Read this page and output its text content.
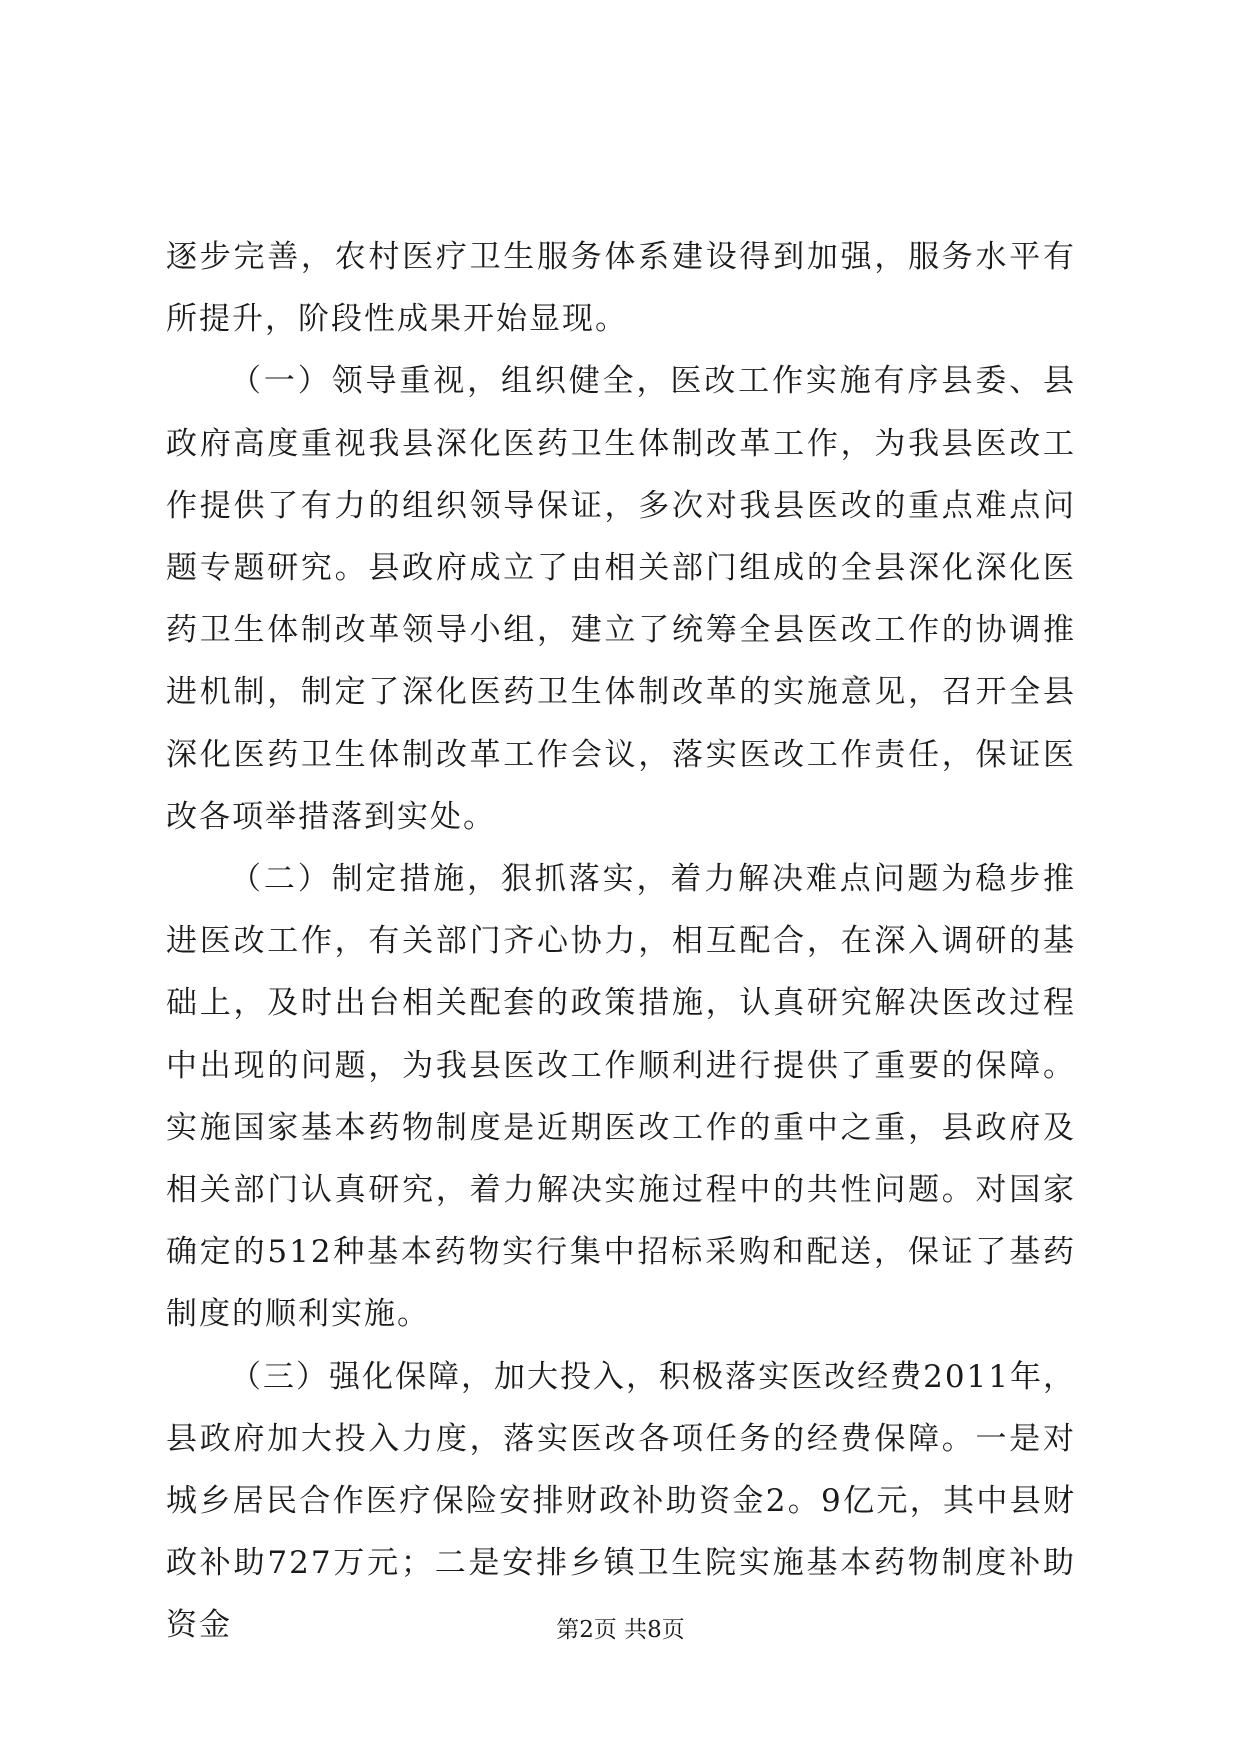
逐步完善，农村医疗卫生服务体系建设得到加强，服务水平有所提升，阶段性成果开始显现。

（一）领导重视，组织健全，医改工作实施有序县委、县政府高度重视我县深化医药卫生体制改革工作，为我县医改工作提供了有力的组织领导保证，多次对我县医改的重点难点问题专题研究。县政府成立了由相关部门组成的全县深化深化医药卫生体制改革领导小组，建立了统筹全县医改工作的协调推进机制，制定了深化医药卫生体制改革的实施意见，召开全县深化医药卫生体制改革工作会议，落实医改工作责任，保证医改各项举措落到实处。

（二）制定措施，狠抓落实，着力解决难点问题为稳步推进医改工作，有关部门齐心协力，相互配合，在深入调研的基础上，及时出台相关配套的政策措施，认真研究解决医改过程中出现的问题，为我县医改工作顺利进行提供了重要的保障。实施国家基本药物制度是近期医改工作的重中之重，县政府及相关部门认真研究，着力解决实施过程中的共性问题。对国家确定的512种基本药物实行集中招标采购和配送，保证了基药制度的顺利实施。

（三）强化保障，加大投入，积极落实医改经费2011年，县政府加大投入力度，落实医改各项任务的经费保障。一是对城乡居民合作医疗保险安排财政补助资金2。9亿元，其中县财政补助727万元；二是安排乡镇卫生院实施基本药物制度补助资金	第2页 共8页
